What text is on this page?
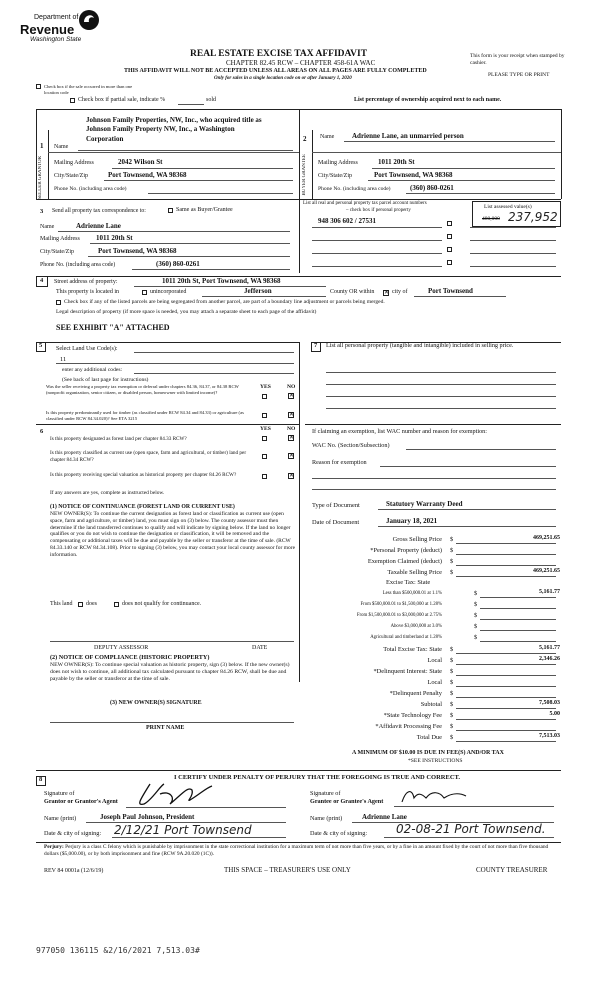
Department of
Revenue
Washington State
REAL ESTATE EXCISE TAX AFFIDAVIT
CHAPTER 82.45 RCW – CHAPTER 458-61A WAC
THIS AFFIDAVIT WILL NOT BE ACCEPTED UNLESS ALL AREAS ON ALL PAGES ARE FULLY COMPLETED
Only for sales in a single location code on or after January 1, 2020
This form is your receipt when stamped by cashier.
PLEASE TYPE OR PRINT
Check box if the sale occurred in more than one location code
Check box if partial sale, indicate %	sold	List percentage of ownership acquired next to each name.
1
SELLER GRANTOR
Name
Johnson Family Properties, NW, Inc., who acquired title as
Johnson Family Property NW, Inc., a Washington
Corporation
Mailing Address	2042 Wilson St
City/State/Zip	Port Townsend, WA 98368
Phone No. (including area code)
2
BUYER GRANTEE
Name	Adrienne Lane, an unmarried person
Mailing Address	1011 20th St
City/State/Zip	Port Townsend, WA 98368
Phone No. (including area code)	(360) 860-0261
3 Send all property tax correspondence to:	Same as Buyer/Grantee
Name	Adrienne Lane
Mailing Address 1011 20th St
City/State/Zip	Port Townsend, WA 98368
Phone No. (including area code)	(360) 860-0261
List all real and personal property tax parcel account numbers
– check box if personal property
List assessed value(s)
480,000 237,952
948 306 602 / 27531
4 Street address of property:	1011 20th St, Port Townsend, WA 98368
This property is located in	unincorporated	Jefferson	County OR within ✕ city of	Port Townsend
Check box if any of the listed parcels are being segregated from another parcel, are part of a boundary line adjustment or parcels being merged.
Legal description of property (if more space is needed, you may attach a separate sheet to each page of the affidavit)
SEE EXHIBIT "A" ATTACHED
5 Select Land Use Code(s):
11
enter any additional codes:
(See back of last page for instructions)
YES	NO
Was the seller receiving a property tax exemption or deferral under chapters 84.36, 84.37, or 84.38 RCW (nonprofit organization, senior citizen, or disabled person, homeowner with limited income)?	✕
Is this property predominantly used for timber (as classified under RCW 84.34 and 84.33) or agriculture (as classified under RCW 84.34.020)? See ETA 3215
✕
6	YES	NO
Is this property designated as forest land per chapter 84.33 RCW?	✕
Is this property classified as current use (open space, farm and agricultural, or timber) land per chapter 84.34 RCW?
✕
Is this property receiving special valuation as historical property per chapter 84.26 RCW?	✕
If any answers are yes, complete as instructed below.
(1) NOTICE OF CONTINUANCE (FOREST LAND OR CURRENT USE)
NEW OWNER(S): To continue the current designation as forest land or classification as current use (open space, farm and agriculture, or timber) land, you must sign on (3) below. The county assessor must then determine if the land transferred continues to qualify and will indicate by signing below. If the land no longer qualifies or you do not wish to continue the designation or classification, it will be removed and the compensating or additional taxes will be due and payable by the seller or transferor at the time of sale. (RCW 84.33.140 or RCW 84.34.108). Prior to signing (3) below, you may contact your local county assessor for more information.
This land does	does not qualify for continuance.
DEPUTY ASSESSOR	DATE
(2) NOTICE OF COMPLIANCE (HISTORIC PROPERTY)
NEW OWNER(S): To continue special valuation as historic property, sign (3) below. If the new owner(s) does not wish to continue, all additional tax calculated pursuant to chapter 84.26 RCW, shall be due and payable by the seller or transferor at the time of sale.
(3) NEW OWNER(S) SIGNATURE
PRINT NAME
7 List all personal property (tangible and intangible) included in selling price.
If claiming an exemption, list WAC number and reason for exemption:
WAC No. (Section/Subsection)
Reason for exemption
Type of Document	Statutory Warranty Deed
Date of Document	January 18, 2021
Gross Selling Price $	469,251.65
*Personal Property (deduct) $
Exemption Claimed (deduct) $
Taxable Selling Price $	469,251.65
Excise Tax: State
Less than $500,000.01 at 1.1%	$	5,161.77
From $500,000.01 to $1,500,000 at 1.28%	$
From $1,500,000.01 to $3,000,000 at 2.75%	$
Above $3,000,000 at 3.0%	$
Agricultural and timberland at 1.28%	$
Total Excise Tax: State $	5,161.77
Local $	2,346.26
*Delinquent Interest: State $
Local $
*Delinquent Penalty $
Subtotal $	7,508.03
*State Technology Fee $	5.00
*Affidavit Processing Fee $
Total Due $	7,513.03
A MINIMUM OF $10.00 IS DUE IN FEE(S) AND/OR TAX
*SEE INSTRUCTIONS
8	I CERTIFY UNDER PENALTY OF PERJURY THAT THE FOREGOING IS TRUE AND CORRECT.
Signature of
Grantor or Grantor's Agent
Name (print)	Joseph Paul Johnson, President
Date & city of signing: 2/12/21 Port Townsend
Signature of
Grantee or Grantee's Agent
Name (print)	Adrienne Lane
Date & city of signing: 02-08-21 Port Townsend.
Perjury: Perjury is a class C felony which is punishable by imprisonment in the state correctional institution for a maximum term of not more than five years, or by a fine in an amount fixed by the court of not more than five thousand dollars ($5,000.00), or by both imprisonment and fine (RCW 9A.20.020 (1C)).
REV 84 0001a (12/6/19)	THIS SPACE – TREASURER'S USE ONLY	COUNTY TREASURER
977050 136115 &2/16/2021 7,513.03#
